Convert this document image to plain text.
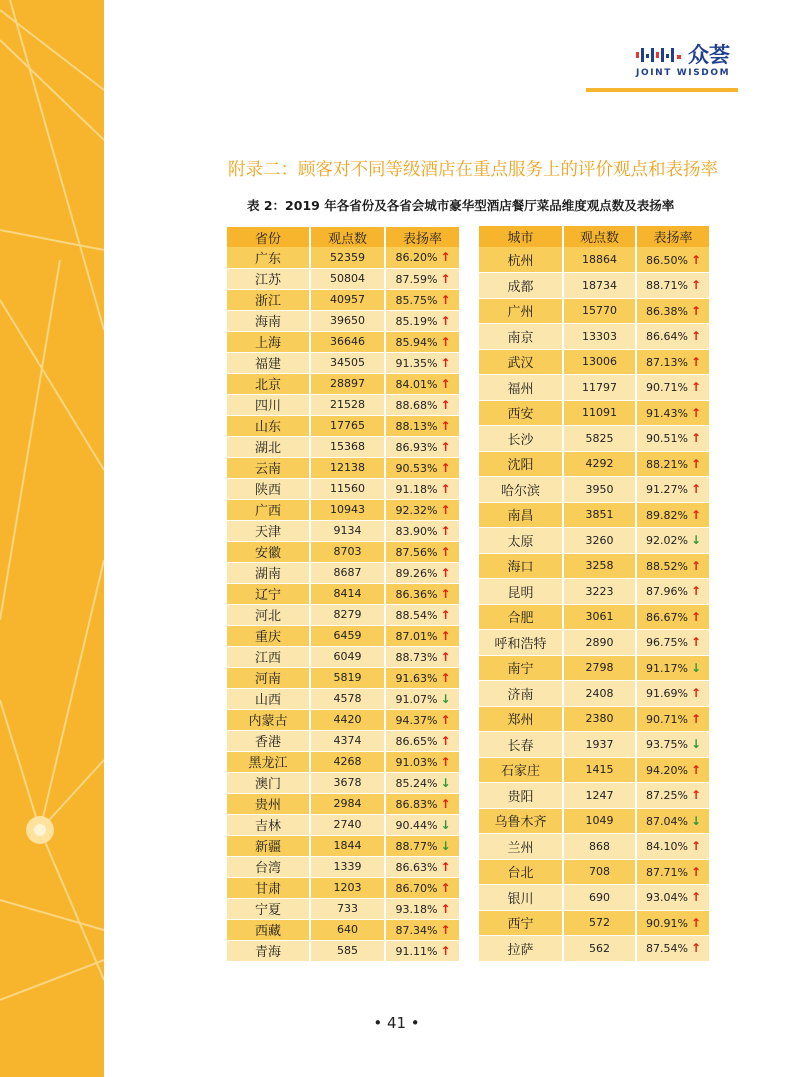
众荟
JOINT WISDOM
附录二：顾客对不同等级酒店在重点服务上的评价观点和表扬率
表 2：2019 年各省份及各省会城市豪华型酒店餐厅菜品维度观点数及表扬率
省份		观点数		表扬率
广东		52359		86.20% ↑
江苏		50804		87.59% ↑
浙江		40957		85.75% ↑
海南		39650		85.19% ↑
上海		36646		85.94% ↑
福建		34505		91.35% ↑
北京		28897		84.01% ↑
四川		21528		88.68% ↑
山东		17765		88.13% ↑
湖北		15368		86.93% ↑
云南		12138		90.53% ↑
陕西		11560		91.18% ↑
广西		10943		92.32% ↑
天津		9134		83.90% ↑
安徽		8703		87.56% ↑
湖南		8687		89.26% ↑
辽宁		8414		86.36% ↑
河北		8279		88.54% ↑
重庆		6459		87.01% ↑
江西		6049		88.73% ↑
河南		5819		91.63% ↑
山西		4578		91.07% ↓
内蒙古		4420		94.37% ↑
香港		4374		86.65% ↑
黑龙江		4268		91.03% ↑
澳门		3678		85.24% ↓
贵州		2984		86.83% ↑
吉林		2740		90.44% ↓
新疆		1844		88.77% ↓
台湾		1339		86.63% ↑
甘肃		1203		86.70% ↑
宁夏		733		93.18% ↑
西藏		640		87.34% ↑
青海		585		91.11% ↑
城市		观点数		表扬率
杭州		18864		86.50% ↑
成都		18734		88.71% ↑
广州		15770		86.38% ↑
南京		13303		86.64% ↑
武汉		13006		87.13% ↑
福州		11797		90.71% ↑
西安		11091		91.43% ↑
长沙		5825		90.51% ↑
沈阳		4292		88.21% ↑
哈尔滨		3950		91.27% ↑
南昌		3851		89.82% ↑
太原		3260		92.02% ↓
海口		3258		88.52% ↑
昆明		3223		87.96% ↑
合肥		3061		86.67% ↑
呼和浩特		2890		96.75% ↑
南宁		2798		91.17% ↓
济南		2408		91.69% ↑
郑州		2380		90.71% ↑
长春		1937		93.75% ↓
石家庄		1415		94.20% ↑
贵阳		1247		87.25% ↑
乌鲁木齐		1049		87.04% ↓
兰州		868		84.10% ↑
台北		708		87.71% ↑
银川		690		93.04% ↑
西宁		572		90.91% ↑
拉萨		562		87.54% ↑
• 41 •
